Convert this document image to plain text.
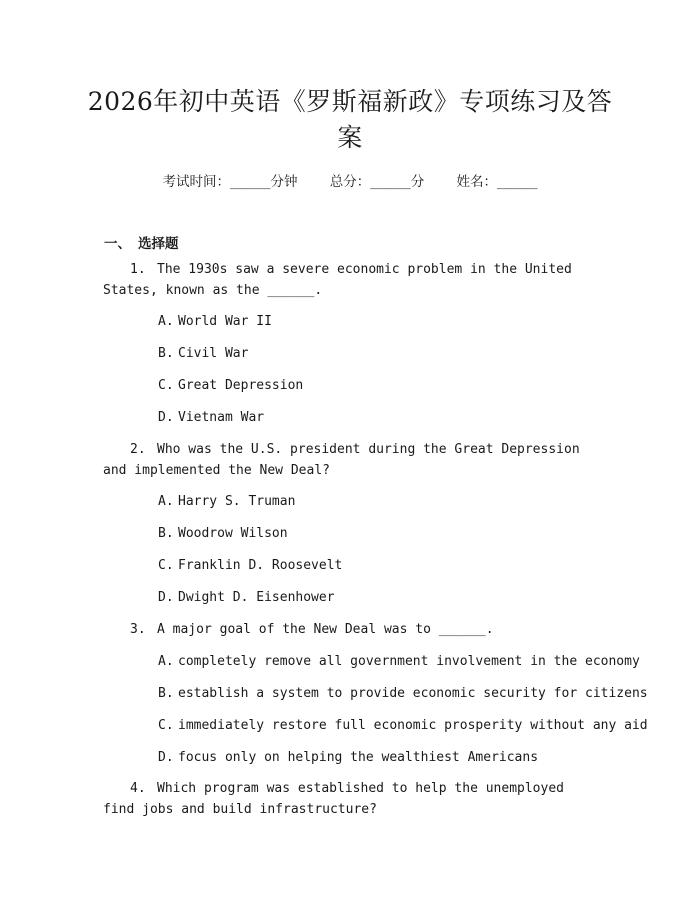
2026年初中英语《罗斯福新政》专项练习及答案
考试时间：______分钟 总分：______分 姓名：______
一、 选择题
1. The 1930s saw a severe economic problem in the United States, known as the ______.
A. World War II
B. Civil War
C. Great Depression
D. Vietnam War
2. Who was the U.S. president during the Great Depression and implemented the New Deal?
A. Harry S. Truman
B. Woodrow Wilson
C. Franklin D. Roosevelt
D. Dwight D. Eisenhower
3. A major goal of the New Deal was to ______.
A. completely remove all government involvement in the economy
B. establish a system to provide economic security for citizens
C. immediately restore full economic prosperity without any aid
D. focus only on helping the wealthiest Americans
4. Which program was established to help the unemployed find jobs and build infrastructure?
